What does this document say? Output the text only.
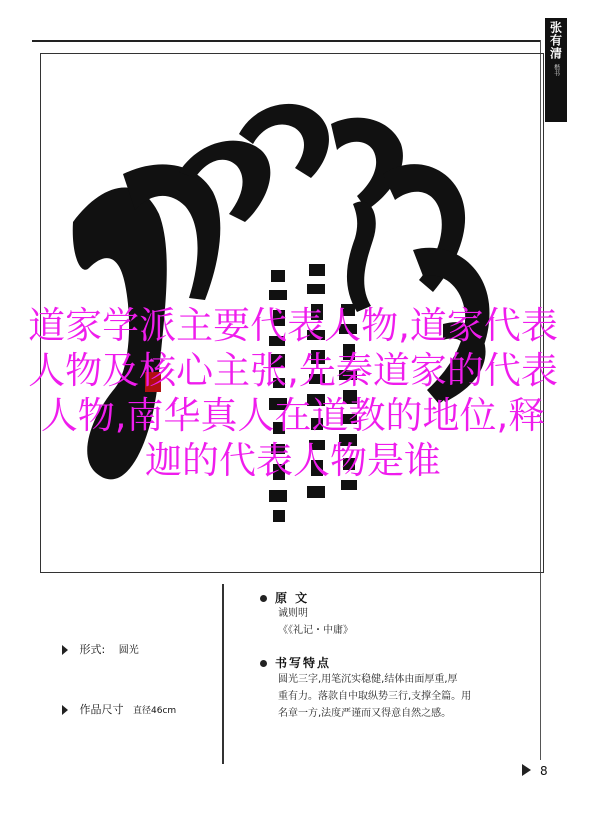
张有清
楷书
道家学派主要代表人物,道家代表人物及核心主张,先秦道家的代表人物,南华真人在道教的地位,释迦的代表人物是谁
原 文
诚则明
《《礼记・中庸》
形式: 圆光
书写特点
圆光三字,用笔沉实稳健,结体由面厚重,厚
重有力。落款自中取纵势三行,支撑全篇。用
名章一方,法度严谨而又得意自然之感。
作品尺寸 直径46cm
8
